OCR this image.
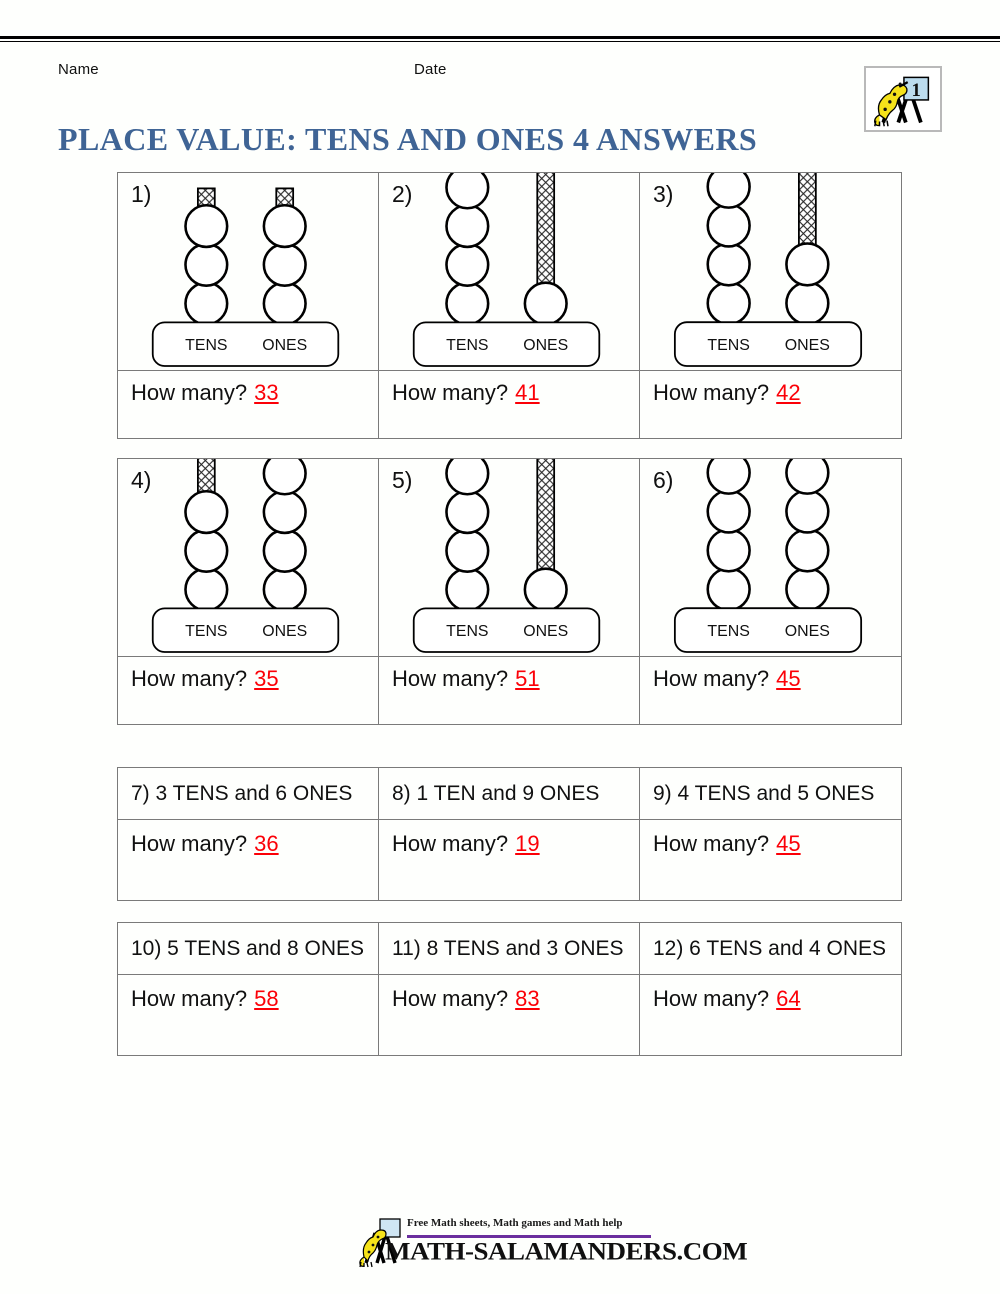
Name	Date
1
PLACE VALUE: TENS AND ONES 4 ANSWERS
1)
TENS ONES
How many? 33
2)
TENS ONES
How many? 41
3)
TENS ONES
How many? 42
4)
TENS ONES
How many? 35
5)
TENS ONES
How many? 51
6)
TENS ONES
How many? 45
7) 3 TENS and 6 ONES
How many? 36
8) 1 TEN and 9 ONES
How many? 19
9) 4 TENS and 5 ONES
How many? 45
10) 5 TENS and 8 ONES
How many? 58
11) 8 TENS and 3 ONES
How many? 83
12) 6 TENS and 4 ONES
How many? 64
Free Math sheets, Math games and Math help
MATH-SALAMANDERS.COM
